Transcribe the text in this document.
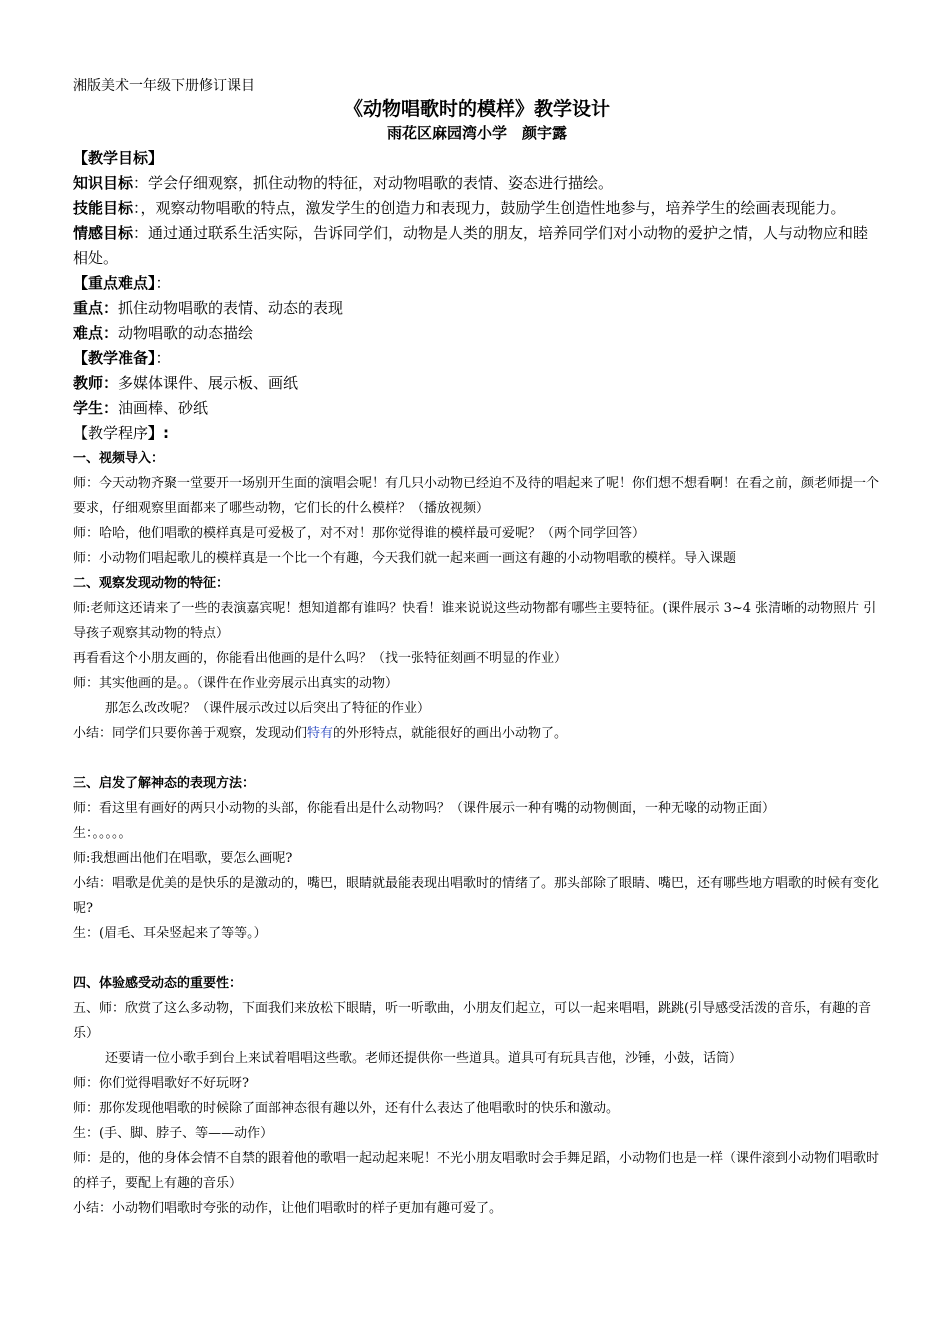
湘版美术一年级下册修订课目

《动物唱歌时的模样》教学设计

雨花区麻园湾小学　颜宇露

【教学目标】

知识目标：学会仔细观察，抓住动物的特征，对动物唱歌的表情、姿态进行描绘。

技能目标：，观察动物唱歌的特点，激发学生的创造力和表现力，鼓励学生创造性地参与，培养学生的绘画表现能力。

情感目标：通过通过联系生活实际，告诉同学们，动物是人类的朋友，培养同学们对小动物的爱护之情，人与动物应和睦相处。

【重点难点】：

重点：抓住动物唱歌的表情、动态的表现

难点：动物唱歌的动态描绘

【教学准备】：

教师：多媒体课件、展示板、画纸

学生：油画棒、砂纸

【教学程序】:

一、视频导入：

师：今天动物齐聚一堂要开一场别开生面的演唱会呢！有几只小动物已经迫不及待的唱起来了呢！你们想不想看啊！在看之前，颜老师提一个要求，仔细观察里面都来了哪些动物，它们长的什么模样？（播放视频）

师：哈哈，他们唱歌的模样真是可爱极了，对不对！那你觉得谁的模样最可爱呢？（两个同学回答）

师：小动物们唱起歌儿的模样真是一个比一个有趣，今天我们就一起来画一画这有趣的小动物唱歌的模样。导入课题

二、观察发现动物的特征：

师:老师这还请来了一些的表演嘉宾呢！想知道都有谁吗？快看！谁来说说这些动物都有哪些主要特征。(课件展示 3~4 张清晰的动物照片 引导孩子观察其动物的特点）

再看看这个小朋友画的，你能看出他画的是什么吗？（找一张特征刻画不明显的作业）

师：其实他画的是。。（课件在作业旁展示出真实的动物）

那怎么改改呢？（课件展示改过以后突出了特征的作业）

小结：同学们只要你善于观察，发现动们特有的外形特点，就能很好的画出小动物了。

三、启发了解神态的表现方法：

师：看这里有画好的两只小动物的头部，你能看出是什么动物吗？（课件展示一种有嘴的动物侧面，一种无喙的动物正面）

生：。。。。。

师:我想画出他们在唱歌，要怎么画呢?

小结：唱歌是优美的是快乐的是激动的，嘴巴，眼睛就最能表现出唱歌时的情绪了。那头部除了眼睛、嘴巴，还有哪些地方唱歌的时候有变化呢?

生：(眉毛、耳朵竖起来了等等。）

四、体验感受动态的重要性：

五、师：欣赏了这么多动物，下面我们来放松下眼睛，听一听歌曲，小朋友们起立，可以一起来唱唱，跳跳(引导感受活泼的音乐，有趣的音乐）

还要请一位小歌手到台上来试着唱唱这些歌。老师还提供你一些道具。道具可有玩具吉他，沙锤，小鼓，话筒）

师：你们觉得唱歌好不好玩呀?

师：那你发现他唱歌的时候除了面部神态很有趣以外，还有什么表达了他唱歌时的快乐和激动。

生：(手、脚、脖子、等——动作）

师：是的，他的身体会情不自禁的跟着他的歌唱一起动起来呢！不光小朋友唱歌时会手舞足蹈，小动物们也是一样（课件滚到小动物们唱歌时的样子，要配上有趣的音乐）

小结：小动物们唱歌时夸张的动作，让他们唱歌时的样子更加有趣可爱了。
